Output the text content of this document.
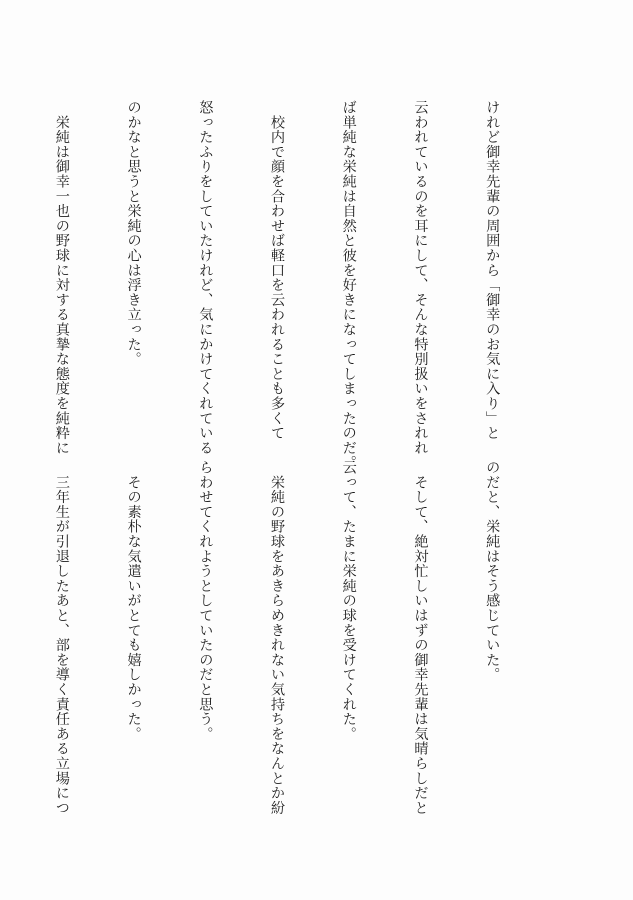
けれど御幸先輩の周囲から「御幸のお気に入り」と

云われているのを耳にして、そんな特別扱いをされれ

ば単純な栄純は自然と彼を好きになってしまったのだ。

　校内で顔を合わせば軽口を云われることも多くて

怒ったふりをしていたけれど、気にかけてくれている

のかなと思うと栄純の心は浮き立った。

　栄純は御幸一也の野球に対する真摯な態度を純粋に

のだと、栄純はそう感じていた。

　そして、絶対忙しいはずの御幸先輩は気晴らしだと

云って、たまに栄純の球を受けてくれた。

　栄純の野球をあきらめきれない気持ちをなんとか紛

らわせてくれようとしていたのだと思う。

　その素朴な気遣いがとても嬉しかった。

　三年生が引退したあと、部を導く責任ある立場につ
